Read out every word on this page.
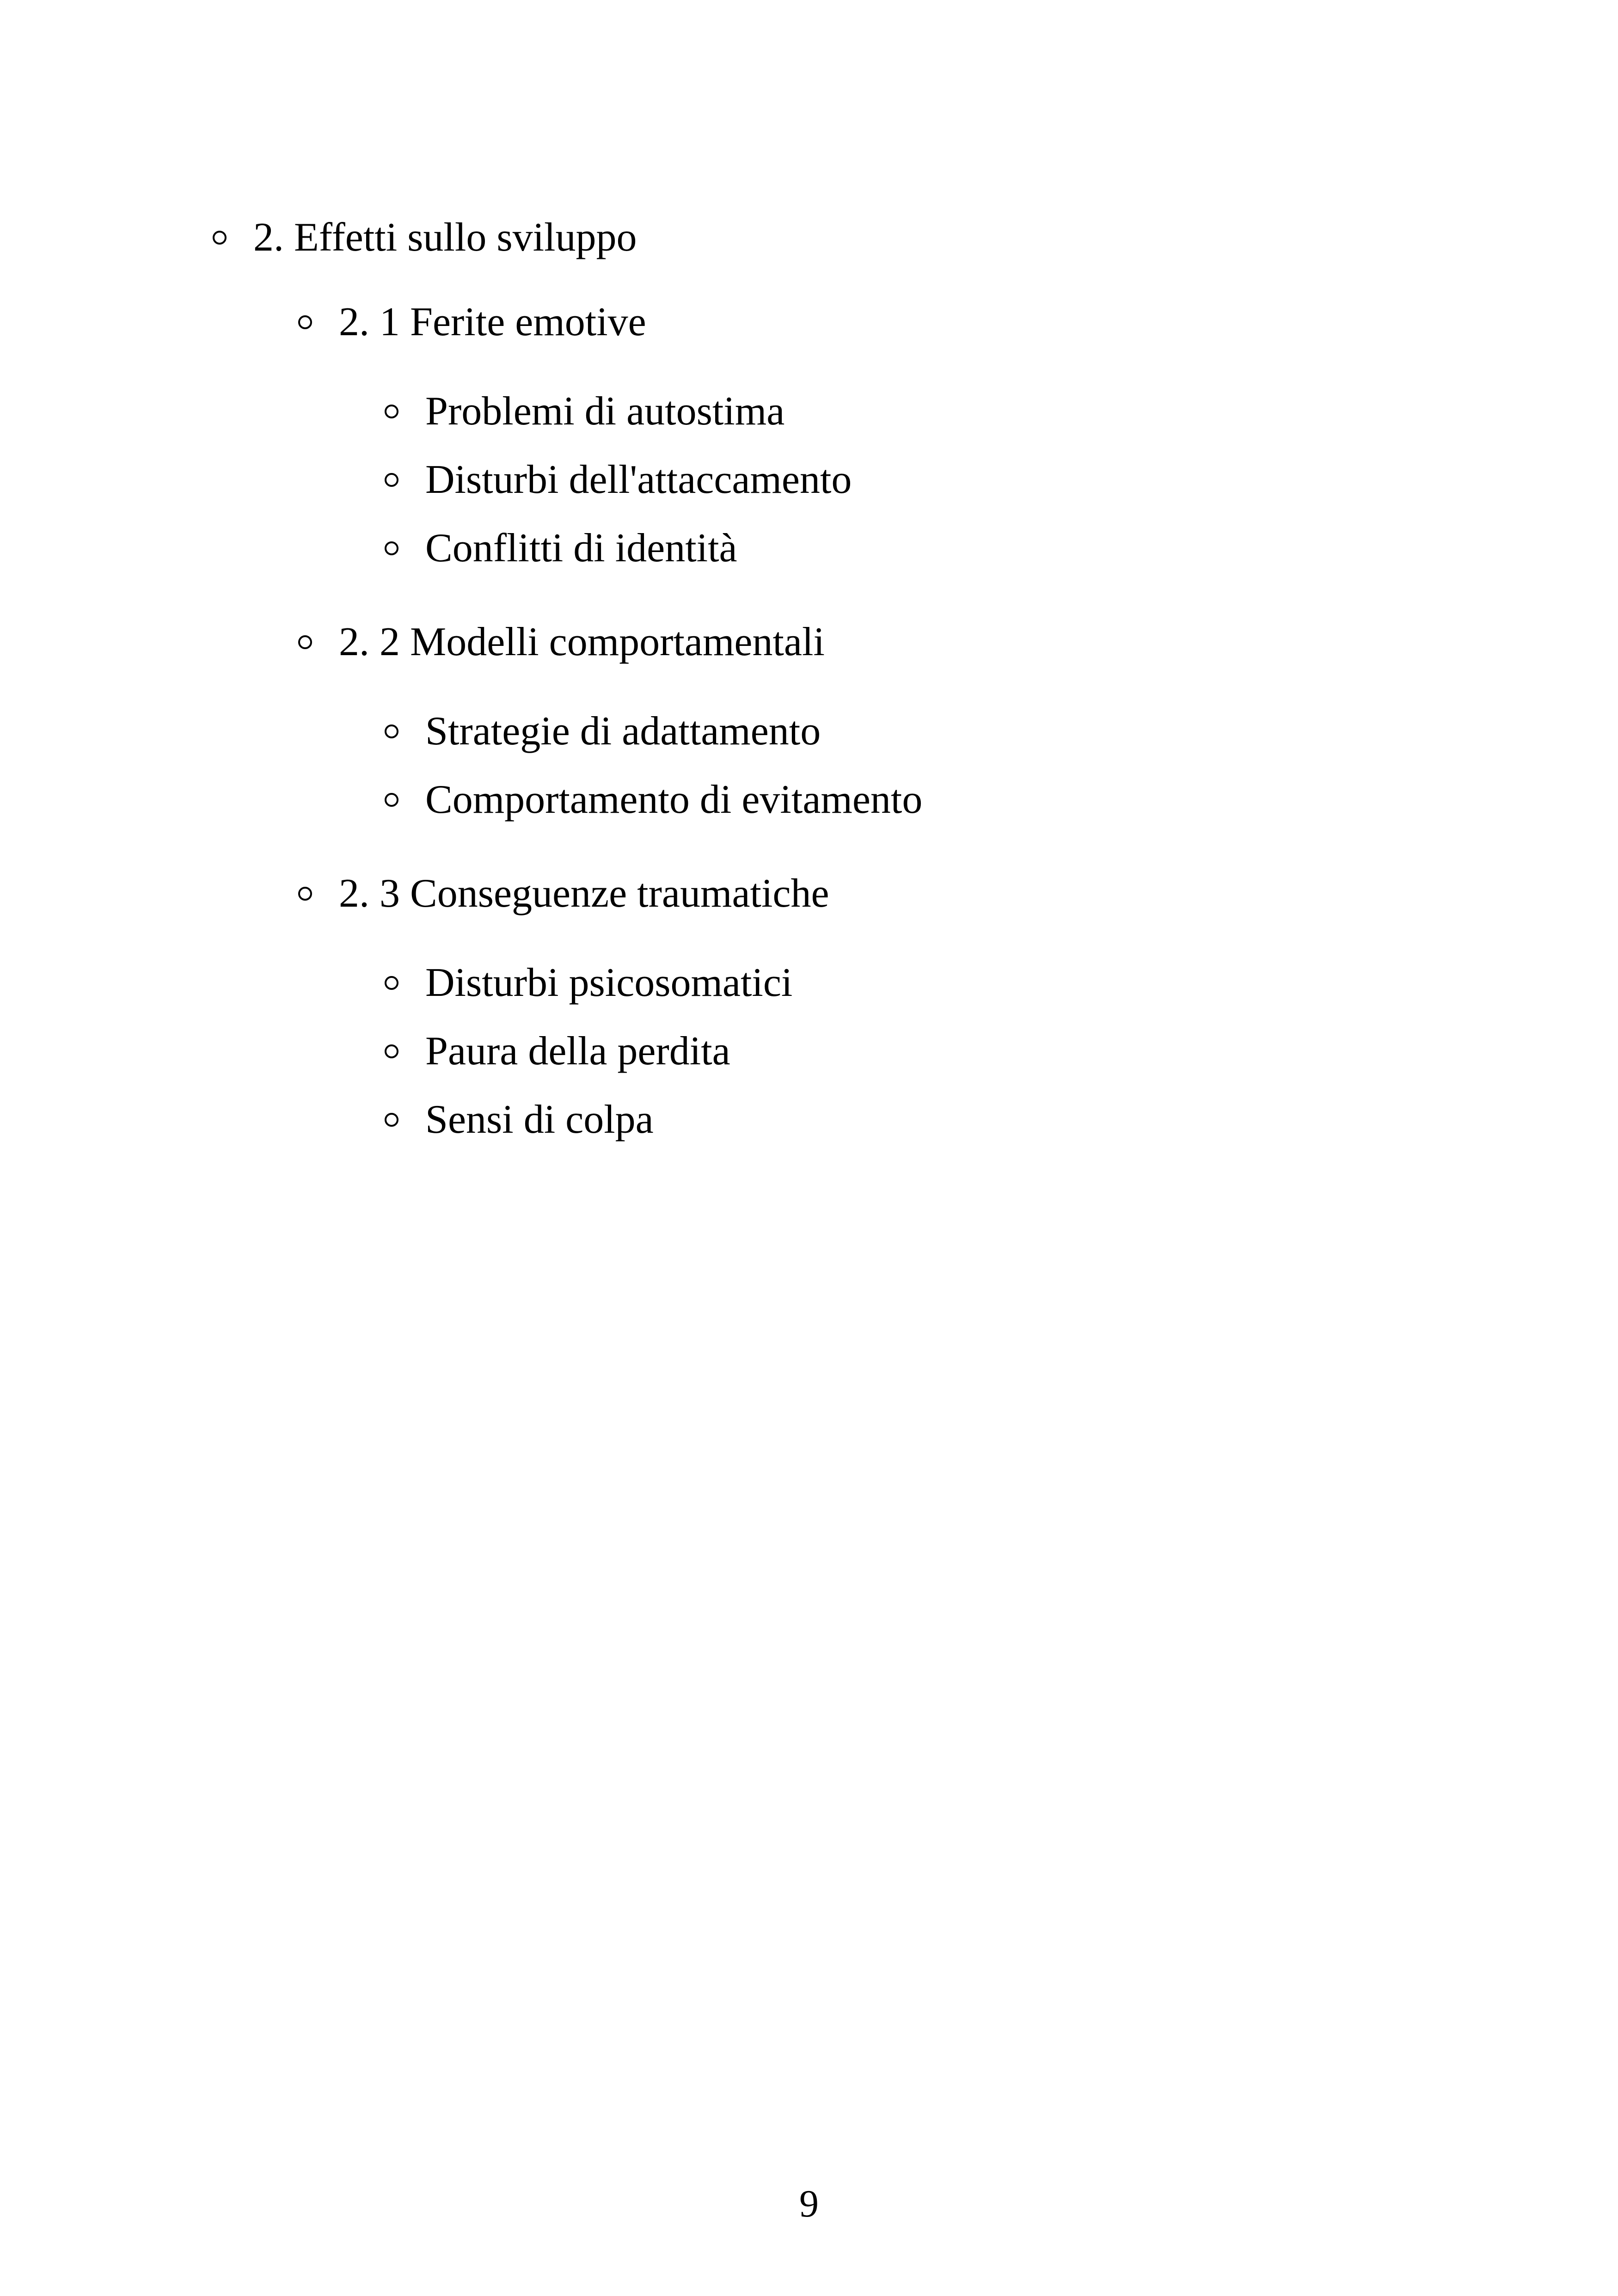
2. Effetti sullo sviluppo
2. 1 Ferite emotive
Problemi di autostima
Disturbi dell'attaccamento
Conflitti di identità
2. 2 Modelli comportamentali
Strategie di adattamento
Comportamento di evitamento
2. 3 Conseguenze traumatiche
Disturbi psicosomatici
Paura della perdita
Sensi di colpa
9
